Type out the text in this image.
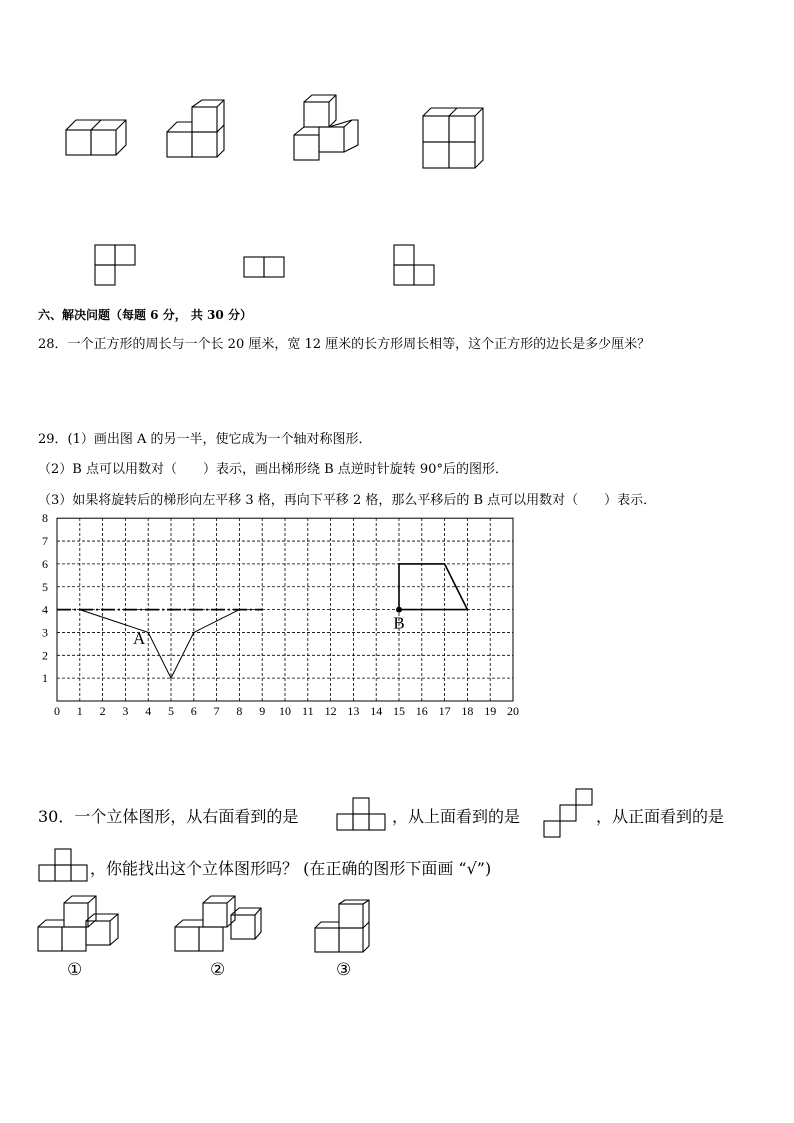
六、解决问题（每题 6 分， 共 30 分）
28．一个正方形的周长与一个长 20 厘米，宽 12 厘米的长方形周长相等，这个正方形的边长是多少厘米？
29．(1）画出图 A 的另一半，使它成为一个轴对称图形．
（2）B 点可以用数对（　　）表示，画出梯形绕 B 点逆时针旋转 90°后的图形．
（3）如果将旋转后的梯形向左平移 3 格，再向下平移 2 格，那么平移后的 B 点可以用数对（　　）表示．
0 1 2 3 4 5 6 7 8 9 10 11 12 13 14 15 16 17 18 19 20
1
2
3
4
5
6
7
8
A
B
30．一个立体图形，从右面看到的是	，从上面看到的是	，从正面看到的是
，你能找出这个立体图形吗？ (在正确的图形下面画 “√”)
①	②	③
